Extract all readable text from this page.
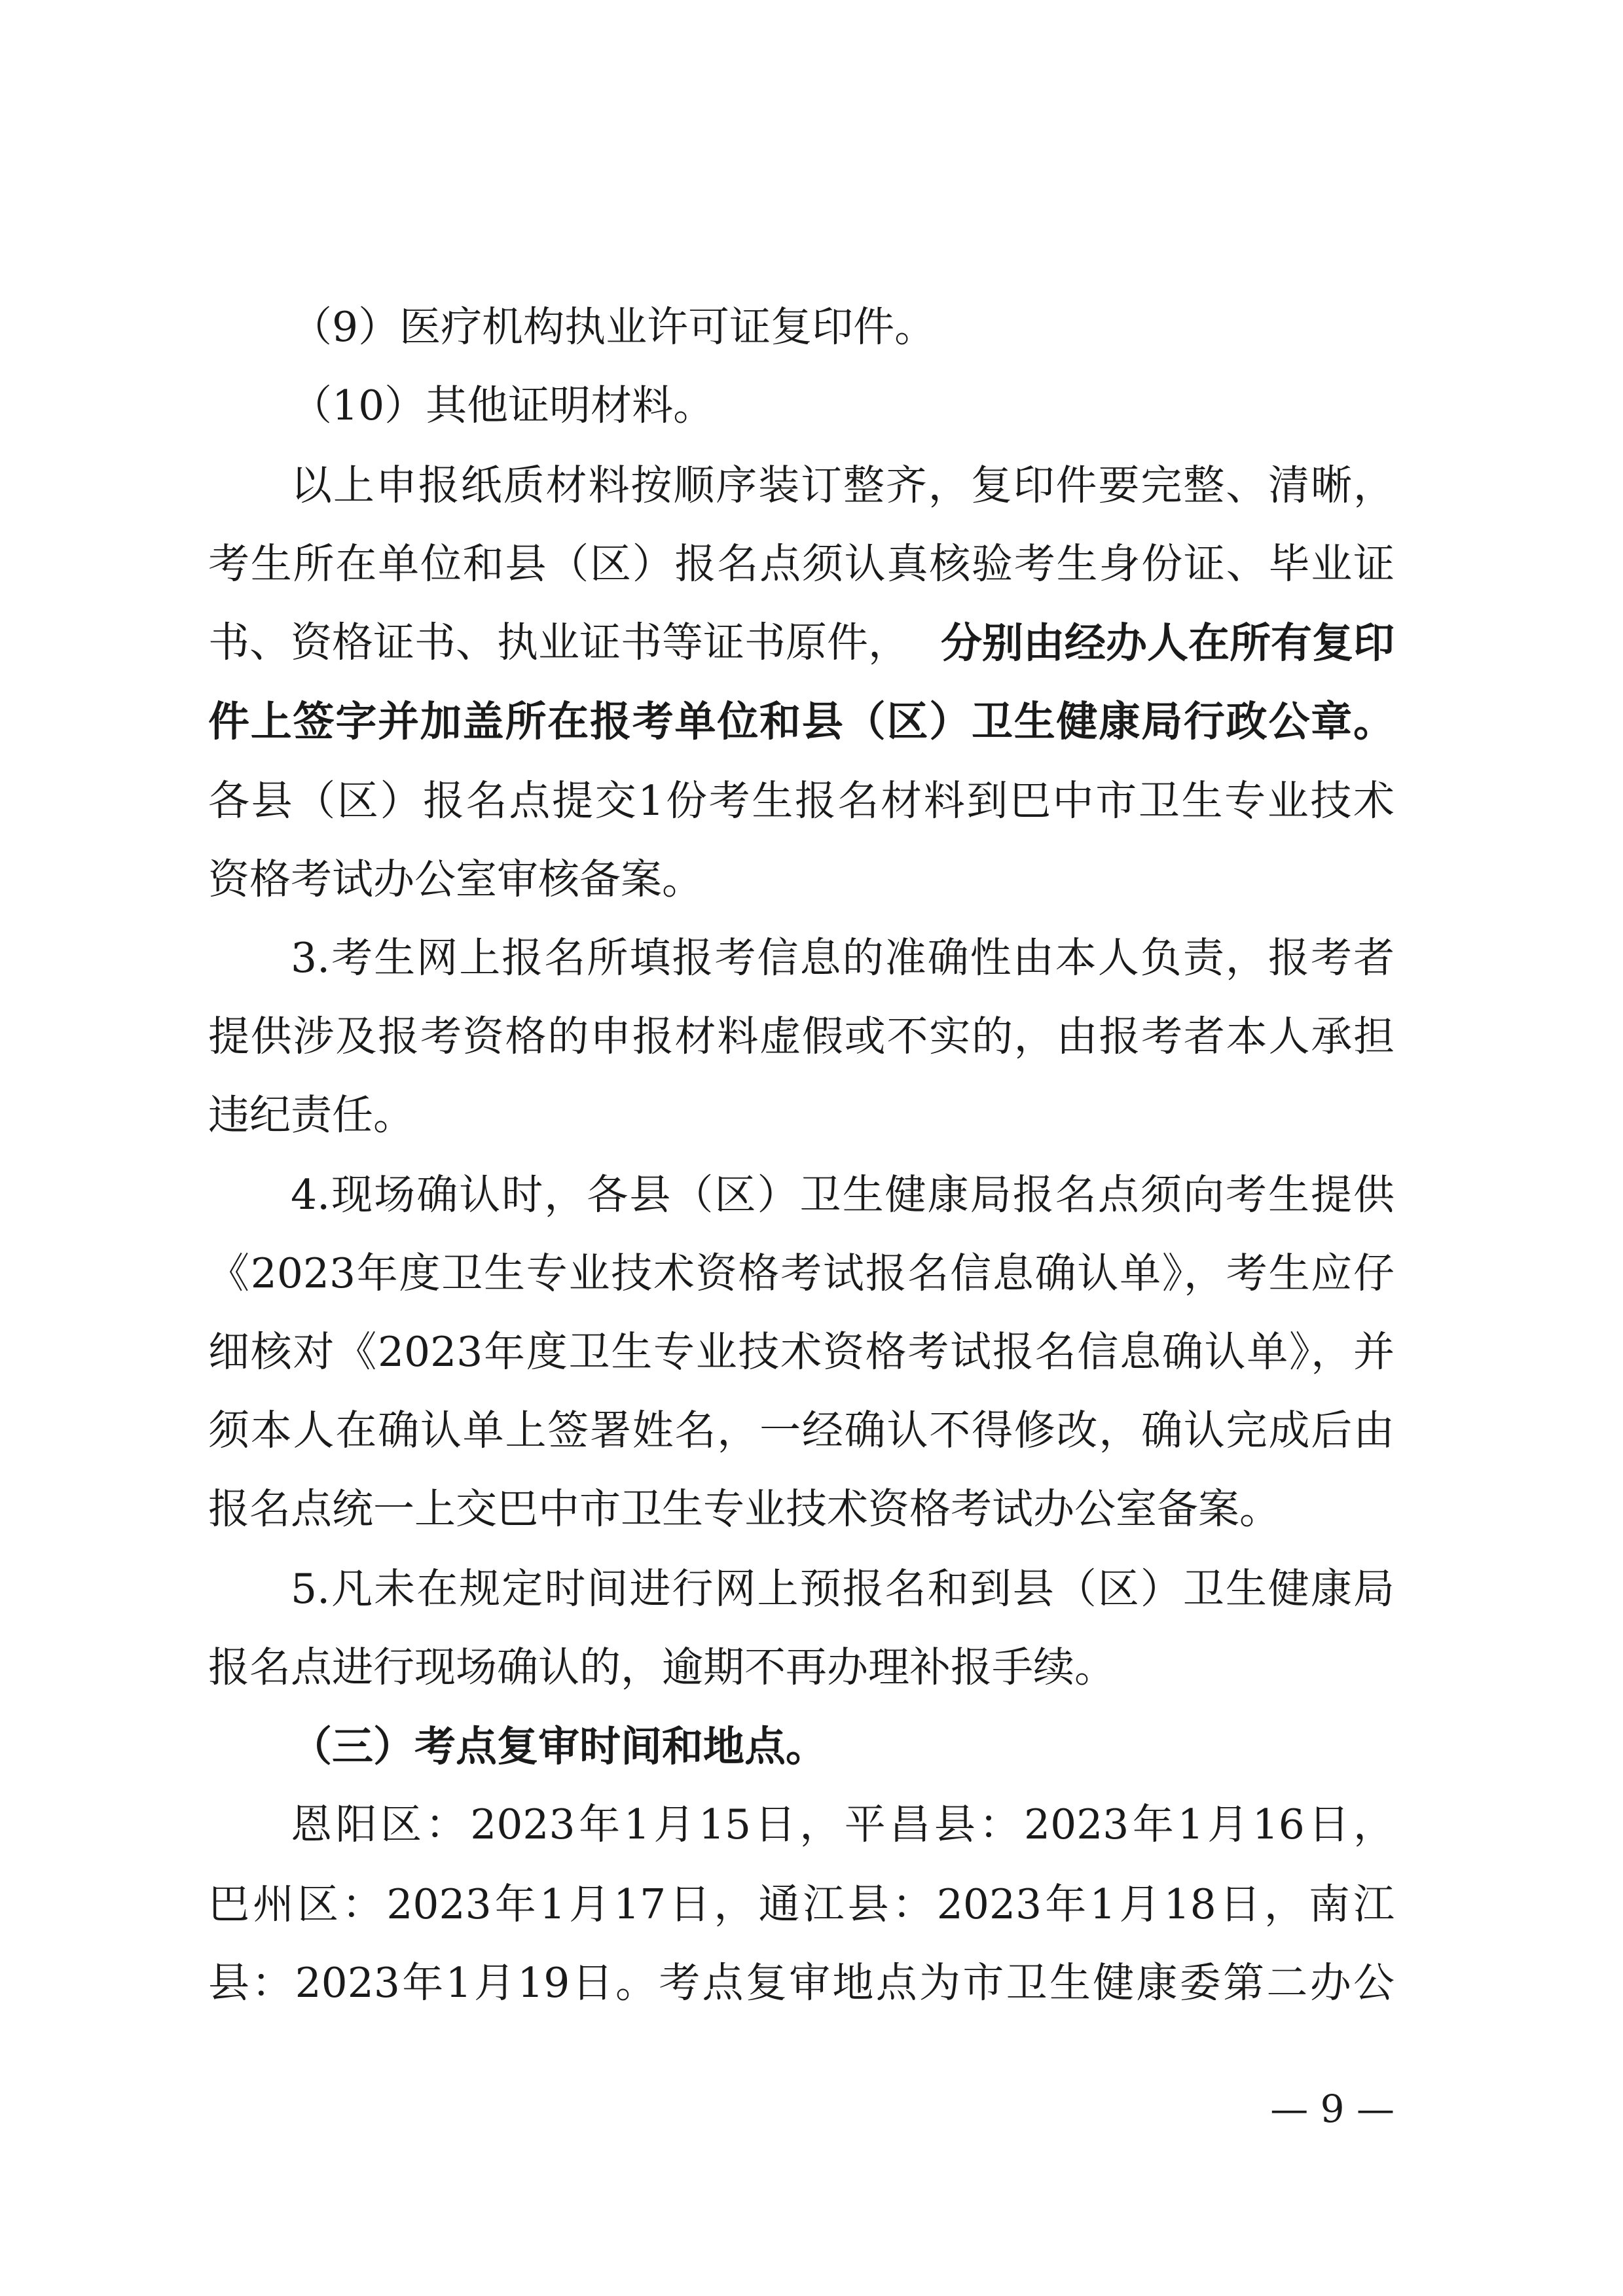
（9）医疗机构执业许可证复印件。
（10）其他证明材料。
以上申报纸质材料按顺序装订整齐，复印件要完整、清晰，
考生所在单位和县（区）报名点须认真核验考生身份证、毕业证
书、资格证书、执业证书等证书原件， 分别由经办人在所有复印
件上签字并加盖所在报考单位和县（区）卫生健康局行政公章。
各县（区）报名点提交1份考生报名材料到巴中市卫生专业技术
资格考试办公室审核备案。
3.考生网上报名所填报考信息的准确性由本人负责，报考者
提供涉及报考资格的申报材料虚假或不实的，由报考者本人承担
违纪责任。
4.现场确认时，各县（区）卫生健康局报名点须向考生提供
《2023年度卫生专业技术资格考试报名信息确认单》，考生应仔
细核对《2023年度卫生专业技术资格考试报名信息确认单》，并
须本人在确认单上签署姓名，一经确认不得修改，确认完成后由
报名点统一上交巴中市卫生专业技术资格考试办公室备案。
5.凡未在规定时间进行网上预报名和到县（区）卫生健康局
报名点进行现场确认的，逾期不再办理补报手续。
（三）考点复审时间和地点。
恩阳区：2023年1月15日，平昌县：2023年1月16日，
巴州区：2023年1月17日，通江县：2023年1月18日，南江
县：2023年1月19日。考点复审地点为市卫生健康委第二办公
— 9 —
